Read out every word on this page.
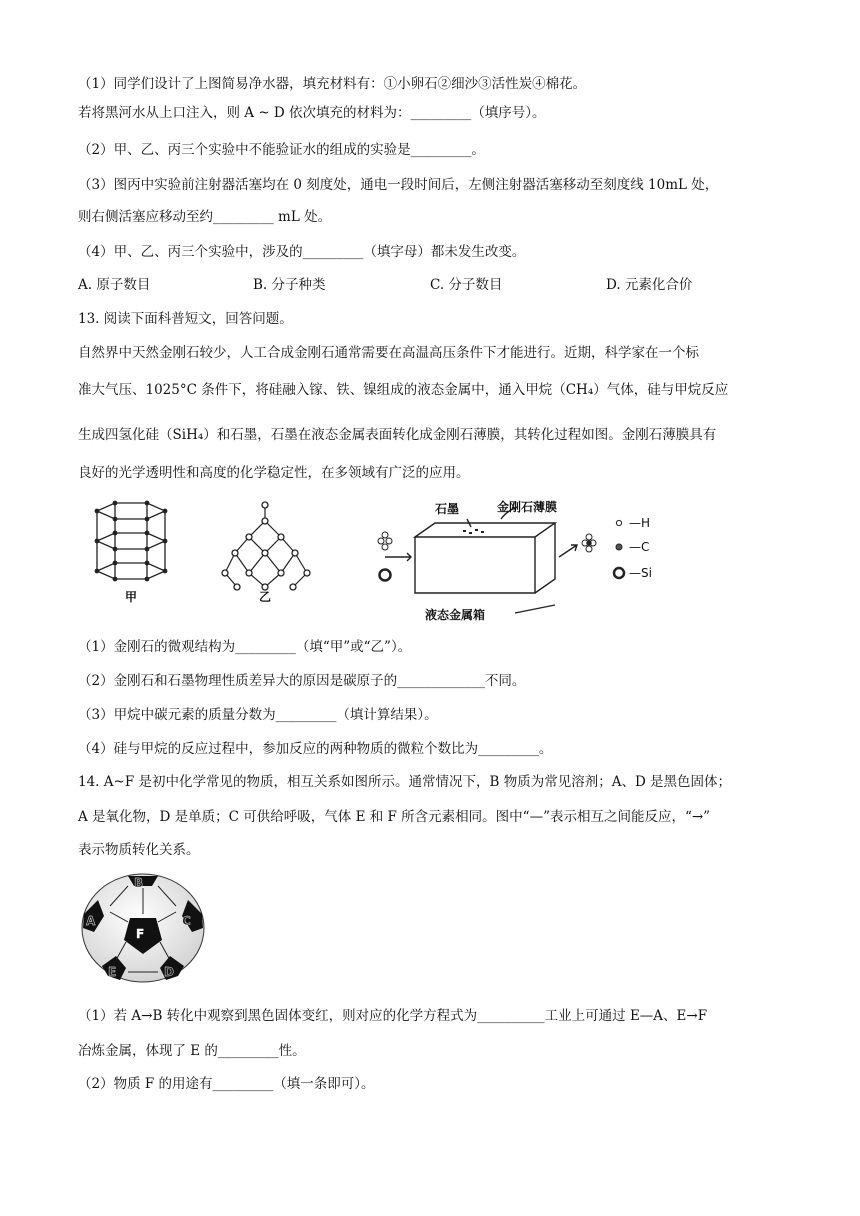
（1）同学们设计了上图简易净水器，填充材料有：①小卵石②细沙③活性炭④棉花。
若将黑河水从上口注入，则 A ~ D 依次填充的材料为：_________（填序号）。
（2）甲、乙、丙三个实验中不能验证水的组成的实验是_________。
（3）图丙中实验前注射器活塞均在 0 刻度处，通电一段时间后，左侧注射器活塞移动至刻度线 10mL 处，
则右侧活塞应移动至约_________ mL 处。
（4）甲、乙、丙三个实验中，涉及的_________（填字母）都未发生改变。
A. 原子数目	B. 分子种类	C. 分子数目	D. 元素化合价
13. 阅读下面科普短文，回答问题。
自然界中天然金刚石较少，人工合成金刚石通常需要在高温高压条件下才能进行。近期，科学家在一个标
准大气压、1025°C 条件下，将硅融入镓、铁、镍组成的液态金属中，通入甲烷（CH₄）气体，硅与甲烷反应
生成四氢化硅（SiH₄）和石墨，石墨在液态金属表面转化成金刚石薄膜，其转化过程如图。金刚石薄膜具有
良好的光学透明性和高度的化学稳定性，在多领域有广泛的应用。
甲	乙
石墨	金刚石薄膜
液态金属箱
—H
—C
—Si
（1）金刚石的微观结构为_________（填“甲”或“乙”）。
（2）金刚石和石墨物理性质差异大的原因是碳原子的_____________不同。
（3）甲烷中碳元素的质量分数为_________（填计算结果）。
（4）硅与甲烷的反应过程中，参加反应的两种物质的微粒个数比为_________。
14. A~F 是初中化学常见的物质，相互关系如图所示。通常情况下，B 物质为常见溶剂；A、D 是黑色固体；
A 是氧化物，D 是单质；C 可供给呼吸，气体 E 和 F 所含元素相同。图中“—”表示相互之间能反应，“→”
表示物质转化关系。
B
A	C
F
E	D
（1）若 A→B 转化中观察到黑色固体变红，则对应的化学方程式为__________工业上可通过 E—A、E→F
冶炼金属，体现了 E 的_________性。
（2）物质 F 的用途有_________（填一条即可）。
